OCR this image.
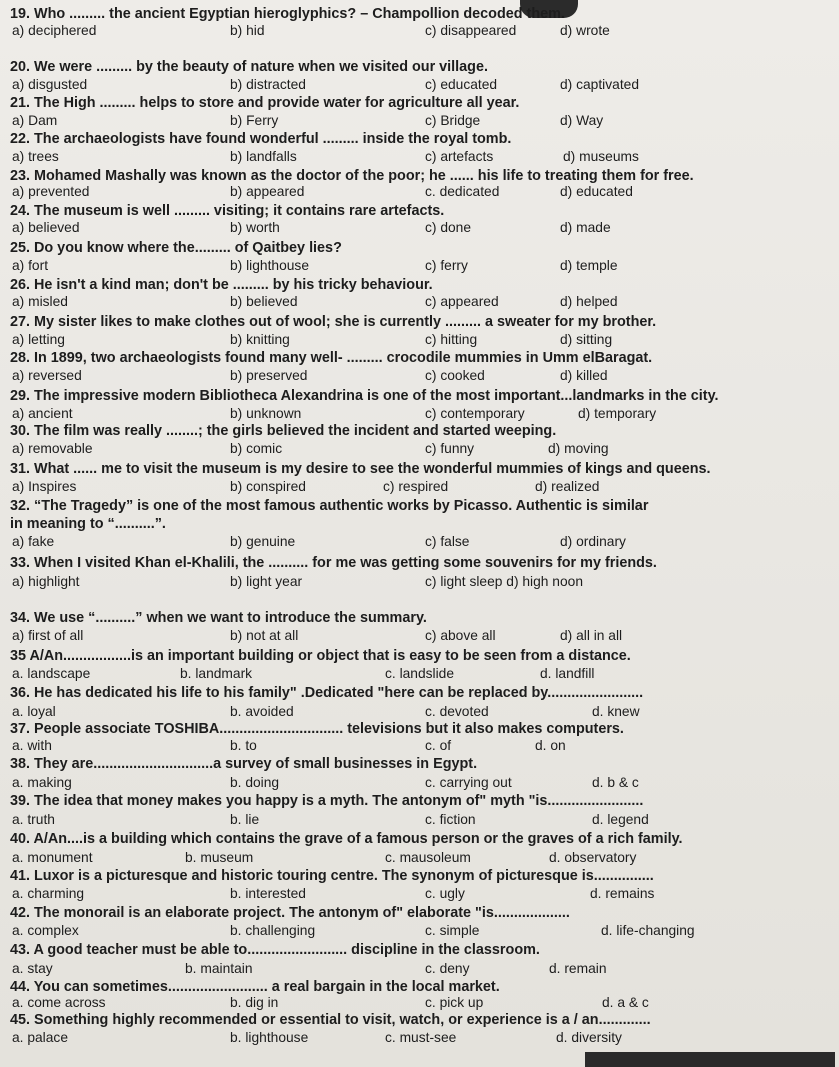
19. Who ......... the ancient Egyptian hieroglyphics? – Champollion decoded them.
a) deciphered	b) hid	c) disappeared	d) wrote
20. We were ......... by the beauty of nature when we visited our village.
a) disgusted	b) distracted	c) educated	d) captivated
21. The High ......... helps to store and provide water for agriculture all year.
a) Dam	b) Ferry	c) Bridge	d) Way
22. The archaeologists have found wonderful ......... inside the royal tomb.
a) trees	b) landfalls	c) artefacts	d) museums
23. Mohamed Mashally was known as the doctor of the poor; he ...... his life to treating them for free.
a) prevented	b) appeared	c. dedicated	d) educated
24. The museum is well ......... visiting; it contains rare artefacts.
a) believed	b) worth	c) done	d) made
25. Do you know where the......... of Qaitbey lies?
a) fort	b) lighthouse	c) ferry	d) temple
26. He isn't a kind man; don't be ......... by his tricky behaviour.
a) misled	b) believed	c) appeared	d) helped
27. My sister likes to make clothes out of wool; she is currently ......... a sweater for my brother.
a) letting	b) knitting	c) hitting	d) sitting
28. In 1899, two archaeologists found many well- ......... crocodile mummies in Umm elBaragat.
a) reversed	b) preserved	c) cooked	d) killed
29. The impressive modern Bibliotheca Alexandrina is one of the most important...landmarks in the city.
a) ancient	b) unknown	c) contemporary	d) temporary
30. The film was really ........; the girls believed the incident and started weeping.
a) removable	b) comic	c) funny	d) moving
31. What ...... me to visit the museum is my desire to see the wonderful mummies of kings and queens.
a) Inspires	b) conspired	c) respired	d) realized
32. “The Tragedy” is one of the most famous authentic works by Picasso. Authentic is similar
in meaning to “..........”.
a) fake	b) genuine	c) false	d) ordinary
33. When I visited Khan el-Khalili, the .......... for me was getting some souvenirs for my friends.
a) highlight	b) light year	c) light sleep d) high noon
34. We use “..........” when we want to introduce the summary.
a) first of all	b) not at all	c) above all	d) all in all
35 A/An.................is an important building or object that is easy to be seen from a distance.
a. landscape	b. landmark	c. landslide	d. landfill
36. He has dedicated his life to his family" .Dedicated "here can be replaced by........................
a. loyal	b. avoided	c. devoted	d. knew
37. People associate TOSHIBA............................... televisions but it also makes computers.
a. with	b. to	c. of	d. on
38. They are..............................a survey of small businesses in Egypt.
a. making	b. doing	c. carrying out	d. b & c
39. The idea that money makes you happy is a myth. The antonym of" myth "is........................
a. truth	b. lie	c. fiction	d. legend
40. A/An....is a building which contains the grave of a famous person or the graves of a rich family.
a. monument	b. museum	c. mausoleum	d. observatory
41. Luxor is a picturesque and historic touring centre. The synonym of picturesque is...............
a. charming	b. interested	c. ugly	d. remains
42. The monorail is an elaborate project. The antonym of" elaborate "is...................
a. complex	b. challenging	c. simple	d. life-changing
43. A good teacher must be able to......................... discipline in the classroom.
a. stay	b. maintain	c. deny	d. remain
44. You can sometimes......................... a real bargain in the local market.
a. come across	b. dig in	c. pick up	d. a & c
45. Something highly recommended or essential to visit, watch, or experience is a / an.............
a. palace	b. lighthouse	c. must-see	d. diversity
